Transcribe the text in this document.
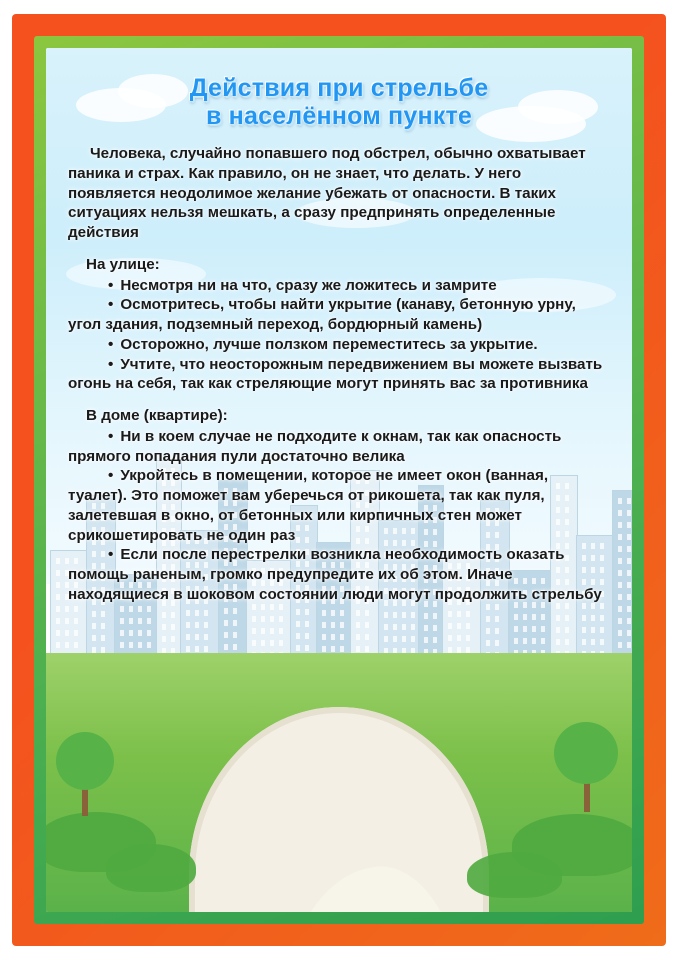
Действия при стрельбе
в населённом пункте

Человека, случайно попавшего под обстрел, обычно охватывает паника и страх. Как правило, он не знает, что делать. У него появляется неодолимое желание убежать от опасности. В таких ситуациях нельзя мешкать, а сразу предпринять определенные действия

На улице:

• Несмотря ни на что, сразу же ложитесь и замрите

• Осмотритесь, чтобы найти укрытие (канаву, бетонную урну, угол здания, подземный переход, бордюрный камень)

• Осторожно, лучше ползком переместитесь за укрытие.

• Учтите, что неосторожным передвижением вы можете вызвать огонь на себя, так как стреляющие могут принять вас за противника

В доме (квартире):

• Ни в коем случае не подходите к окнам, так как опасность прямого попадания пули достаточно велика

• Укройтесь в помещении, которое не имеет окон (ванная, туалет). Это поможет вам уберечься от рикошета, так как пуля, залетевшая в окно, от бетонных или кирпичных стен может срикошетировать не один раз

• Если после перестрелки возникла необходимость оказать помощь раненым, громко предупредите их об этом. Иначе находящиеся в шоковом состоянии люди могут продолжить стрельбу
